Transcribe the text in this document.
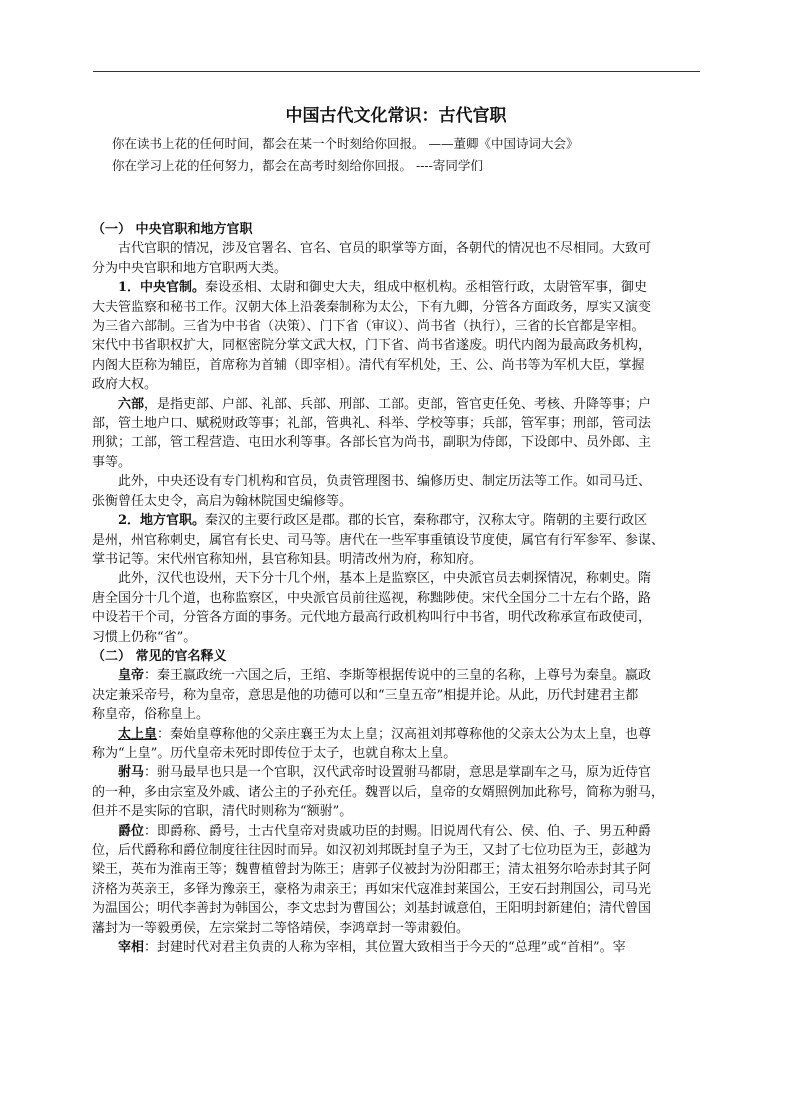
中国古代文化常识：古代官职
你在读书上花的任何时间，都会在某一个时刻给你回报。 ——董卿《中国诗词大会》
你在学习上花的任何努力，都会在高考时刻给你回报。 ----寄同学们

（一） 中央官职和地方官职

古代官职的情况，涉及官署名、官名、官员的职掌等方面，各朝代的情况也不尽相同。大致可
分为中央官职和地方官职两大类。

1．中央官制。秦设丞相、太尉和御史大夫，组成中枢机构。丞相管行政，太尉管军事，御史
大夫管监察和秘书工作。汉朝大体上沿袭秦制称为太公，下有九卿，分管各方面政务，厚实又演变
为三省六部制。三省为中书省（决策）、门下省（审议）、尚书省（执行），三省的长官都是宰相。
宋代中书省职权扩大，同枢密院分掌文武大权，门下省、尚书省遂废。明代内阁为最高政务机构，
内阁大臣称为辅臣，首席称为首辅（即宰相）。清代有军机处，王、公、尚书等为军机大臣，掌握
政府大权。

六部，是指吏部、户部、礼部、兵部、刑部、工部。吏部，管官吏任免、考核、升降等事；户
部，管土地户口、赋税财政等事；礼部，管典礼、科举、学校等事；兵部，管军事；刑部，管司法
刑狱；工部，管工程营造、屯田水利等事。各部长官为尚书，副职为侍郎，下设郎中、员外郎、主
事等。

此外，中央还设有专门机构和官员，负责管理图书、编修历史、制定历法等工作。如司马迁、
张衡曾任太史令，高启为翰林院国史编修等。

2．地方官职。秦汉的主要行政区是郡。郡的长官，秦称郡守，汉称太守。隋朝的主要行政区
是州，州官称刺史，属官有长史、司马等。唐代在一些军事重镇设节度使，属官有行军参军、参谋、
掌书记等。宋代州官称知州，县官称知县。明清改州为府，称知府。

此外，汉代也设州，天下分十几个州，基本上是监察区，中央派官员去刺探情况，称刺史。隋
唐全国分十几个道，也称监察区，中央派官员前往巡视，称黜陟使。宋代全国分二十左右个路，路
中设若干个司，分管各方面的事务。元代地方最高行政机构叫行中书省，明代改称承宣布政使司，
习惯上仍称“省”。

（二） 常见的官名释义

皇帝：秦王嬴政统一六国之后，王绾、李斯等根据传说中的三皇的名称，上尊号为秦皇。嬴政
决定兼采帝号，称为皇帝，意思是他的功德可以和“三皇五帝”相提并论。从此，历代封建君主都
称皇帝，俗称皇上。

太上皇：秦始皇尊称他的父亲庄襄王为太上皇；汉高祖刘邦尊称他的父亲太公为太上皇，也尊
称为“上皇”。历代皇帝未死时即传位于太子，也就自称太上皇。

驸马：驸马最早也只是一个官职，汉代武帝时设置驸马都尉，意思是掌副车之马，原为近侍官
的一种，多由宗室及外戚、诸公主的子孙充任。魏晋以后，皇帝的女婿照例加此称号，简称为驸马，
但并不是实际的官职，清代时则称为“额驸”。

爵位：即爵称、爵号，士古代皇帝对贵戚功臣的封赐。旧说周代有公、侯、伯、子、男五种爵
位，后代爵称和爵位制度往往因时而异。如汉初刘邦既封皇子为王，又封了七位功臣为王，彭越为
梁王，英布为淮南王等；魏曹植曾封为陈王；唐郭子仪被封为汾阳郡王；清太祖努尔哈赤封其子阿
济格为英亲王，多铎为豫亲王，豪格为肃亲王；再如宋代寇准封莱国公，王安石封荆国公，司马光
为温国公；明代李善封为韩国公，李文忠封为曹国公；刘基封诚意伯，王阳明封新建伯；清代曾国
藩封为一等毅勇侯，左宗棠封二等恪靖侯，李鸿章封一等肃毅伯。

宰相：封建时代对君主负责的人称为宰相，其位置大致相当于今天的“总理”或“首相”。宰
